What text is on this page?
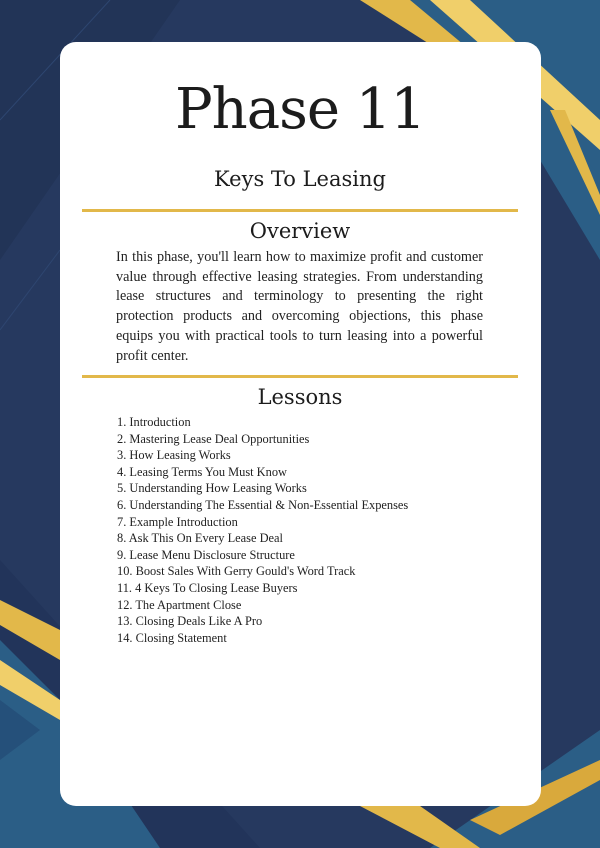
Phase 11
Keys To Leasing
Overview

In this phase, you'll learn how to maximize profit and customer value through effective leasing strategies. From understanding lease structures and terminology to presenting the right protection products and overcoming objections, this phase equips you with practical tools to turn leasing into a powerful profit center.

Lessons
1. Introduction
2. Mastering Lease Deal Opportunities
3. How Leasing Works
4. Leasing Terms You Must Know
5. Understanding How Leasing Works
6. Understanding The Essential & Non-Essential Expenses
7. Example Introduction
8. Ask This On Every Lease Deal
9. Lease Menu Disclosure Structure
10. Boost Sales With Gerry Gould's Word Track
11. 4 Keys To Closing Lease Buyers
12. The Apartment Close
13. Closing Deals Like A Pro
14. Closing Statement
